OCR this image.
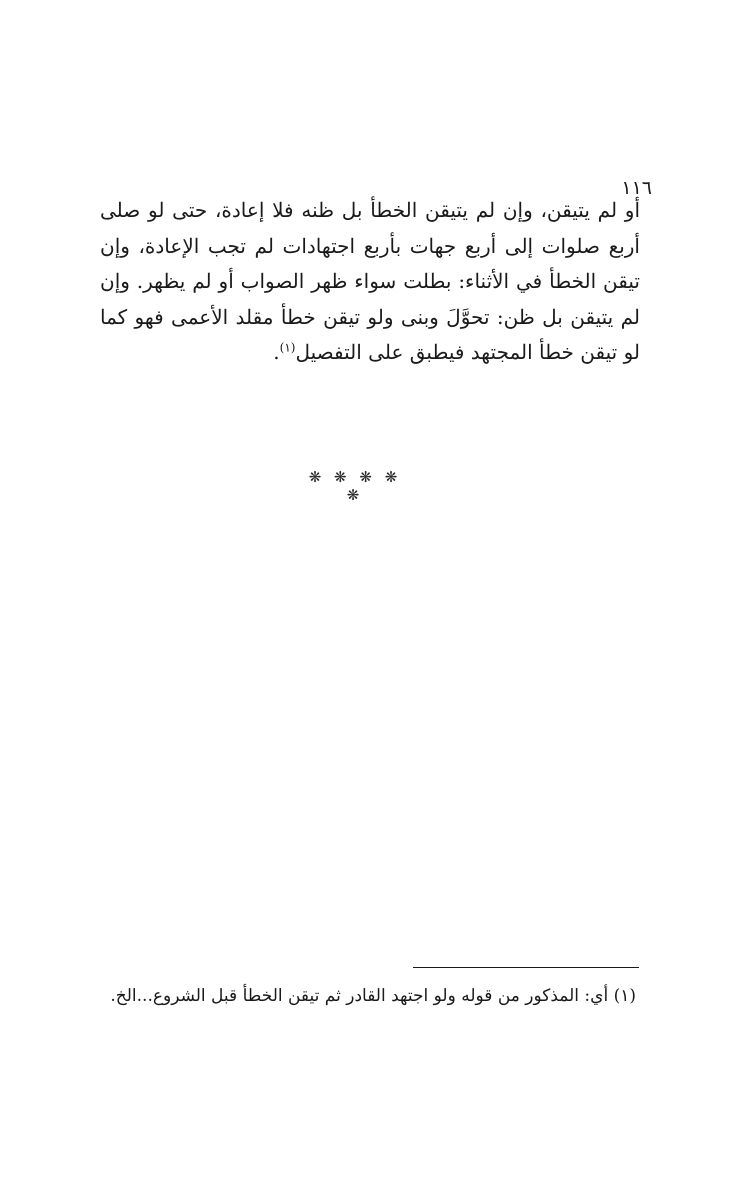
١١٦

أو لم يتيقن، وإن لم يتيقن الخطأ بل ظنه فلا إعادة، حتى لو صلى أربع صلوات إلى أربع جهات بأربع اجتهادات لم تجب الإعادة، وإن تيقن الخطأ في الأثناء: بطلت سواء ظهر الصواب أو لم يظهر. وإن لم يتيقن بل ظن: تحوَّلَ وبنى ولو تيقن خطأ مقلد الأعمى فهو كما لو تيقن خطأ المجتهد فيطبق على التفصيل$^{(١)}$.

❋ ❋ ❋ ❋ ❋

(١) أي: المذكور من قوله ولو اجتهد القادر ثم تيقن الخطأ قبل الشروع...الخ.
